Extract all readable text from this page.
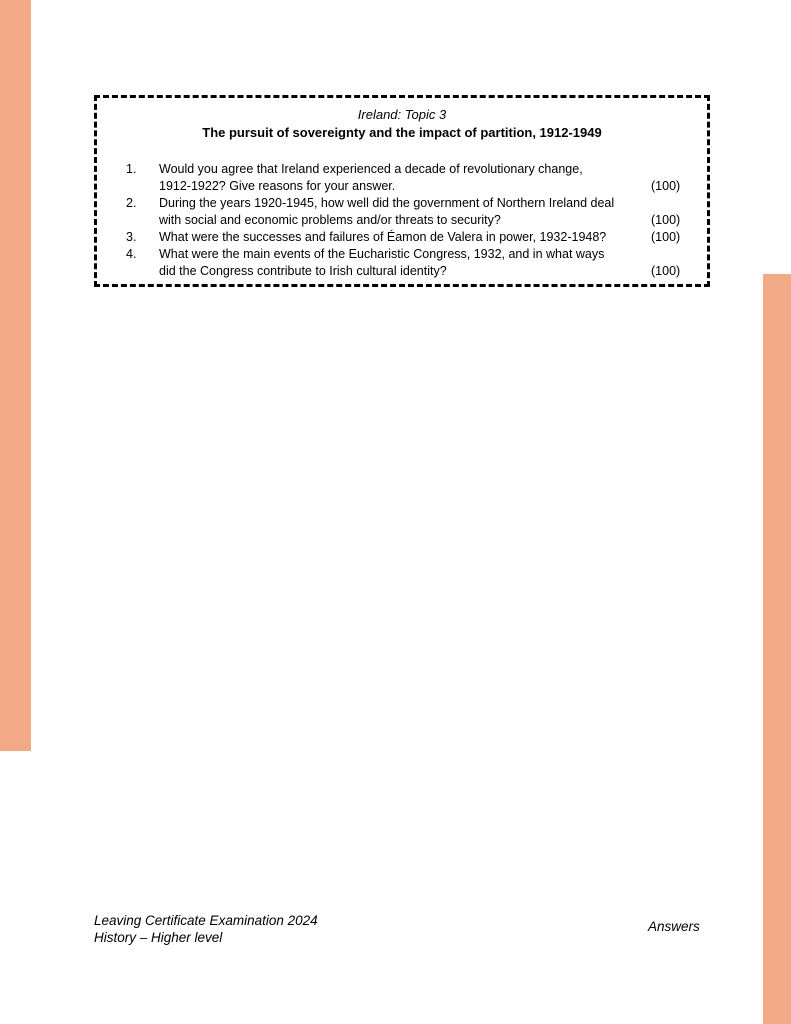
Ireland: Topic 3
The pursuit of sovereignty and the impact of partition, 1912-1949
1. Would you agree that Ireland experienced a decade of revolutionary change,
1912-1922? Give reasons for your answer.	(100)
2. During the years 1920-1945, how well did the government of Northern Ireland deal
with social and economic problems and/or threats to security?	(100)
3. What were the successes and failures of Éamon de Valera in power, 1932-1948?	(100)
4. What were the main events of the Eucharistic Congress, 1932, and in what ways
did the Congress contribute to Irish cultural identity?	(100)
Leaving Certificate Examination 2024
History – Higher level
Answers
